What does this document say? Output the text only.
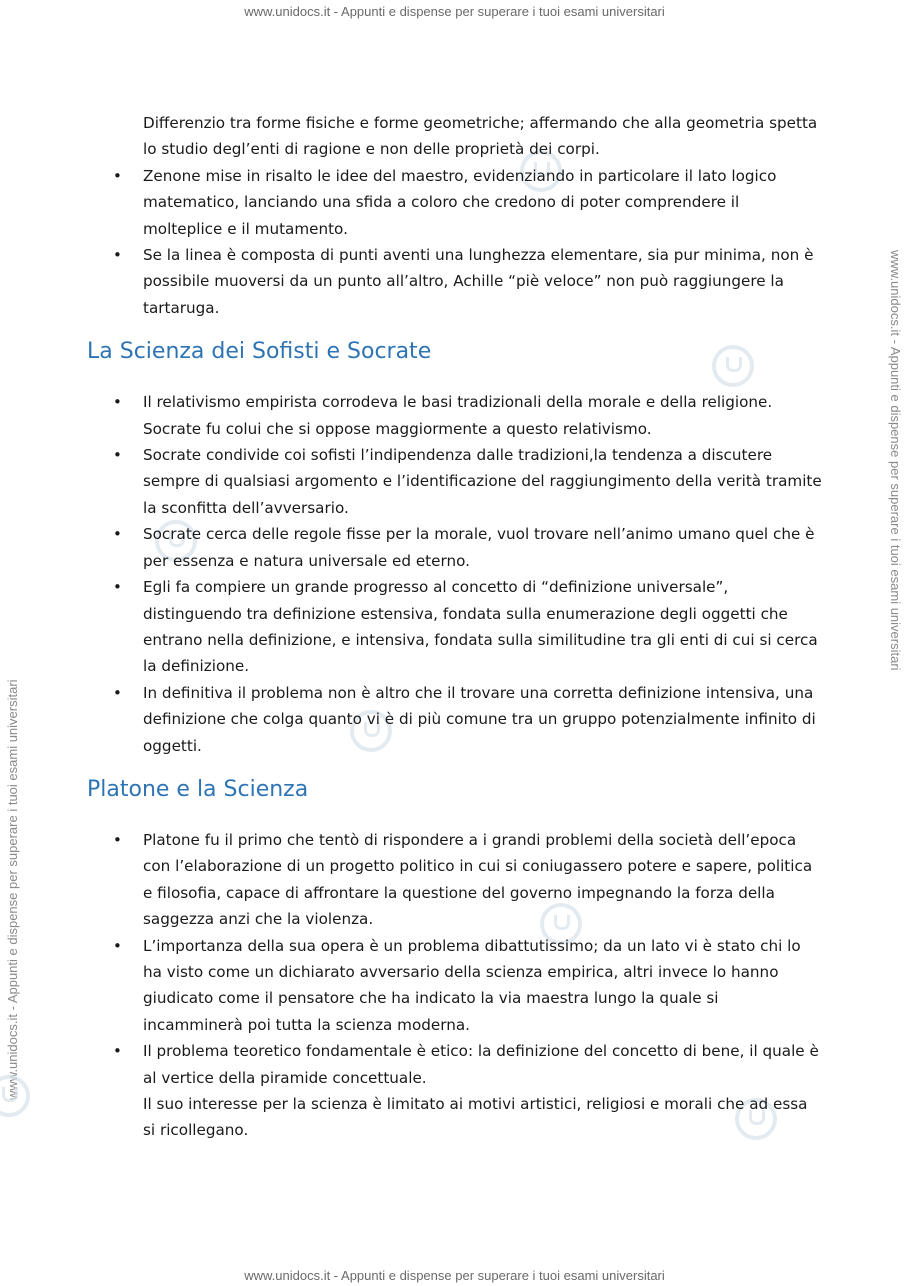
www.unidocs.it - Appunti e dispense per superare i tuoi esami universitari
www.unidocs.it - Appunti e dispense per superare i tuoi esami universitari
www.unidocs.it - Appunti e dispense per superare i tuoi esami universitari

Differenzio tra forme fisiche e forme geometriche; affermando che alla geometria spetta lo studio degl’enti di ragione e non delle proprietà dei corpi.

• Zenone mise in risalto le idee del maestro, evidenziando in particolare il lato logico matematico, lanciando una sfida a coloro che credono di poter comprendere il molteplice e il mutamento.
• Se la linea è composta di punti aventi una lunghezza elementare, sia pur minima, non è possibile muoversi da un punto all’altro, Achille “piè veloce” non può raggiungere la tartaruga.
La Scienza dei Sofisti e Socrate
• Il relativismo empirista corrodeva le basi tradizionali della morale e della religione. Socrate fu colui che si oppose maggiormente a questo relativismo.
• Socrate condivide coi sofisti l’indipendenza dalle tradizioni,la tendenza a discutere sempre di qualsiasi argomento e l’identificazione del raggiungimento della verità tramite la sconfitta dell’avversario.
• Socrate cerca delle regole fisse per la morale, vuol trovare nell’animo umano quel che è per essenza e natura universale ed eterno.
• Egli fa compiere un grande progresso al concetto di “definizione universale”, distinguendo tra definizione estensiva, fondata sulla enumerazione degli oggetti che entrano nella definizione, e intensiva, fondata sulla similitudine tra gli enti di cui si cerca la definizione.
• In definitiva il problema non è altro che il trovare una corretta definizione intensiva, una definizione che colga quanto vi è di più comune tra un gruppo potenzialmente infinito di oggetti.
Platone e la Scienza
• Platone fu il primo che tentò di rispondere a i grandi problemi della società dell’epoca con l’elaborazione di un progetto politico in cui si coniugassero potere e sapere, politica e filosofia, capace di affrontare la questione del governo impegnando la forza della saggezza anzi che la violenza.
• L’importanza della sua opera è un problema dibattutissimo; da un lato vi è stato chi lo ha visto come un dichiarato avversario della scienza empirica, altri invece lo hanno giudicato come il pensatore che ha indicato la via maestra lungo la quale si incamminerà poi tutta la scienza moderna.
• Il problema teoretico fondamentale è etico: la definizione del concetto di bene, il quale è al vertice della piramide concettuale.

Il suo interesse per la scienza è limitato ai motivi artistici, religiosi e morali che ad essa si ricollegano.

www.unidocs.it - Appunti e dispense per superare i tuoi esami universitari
